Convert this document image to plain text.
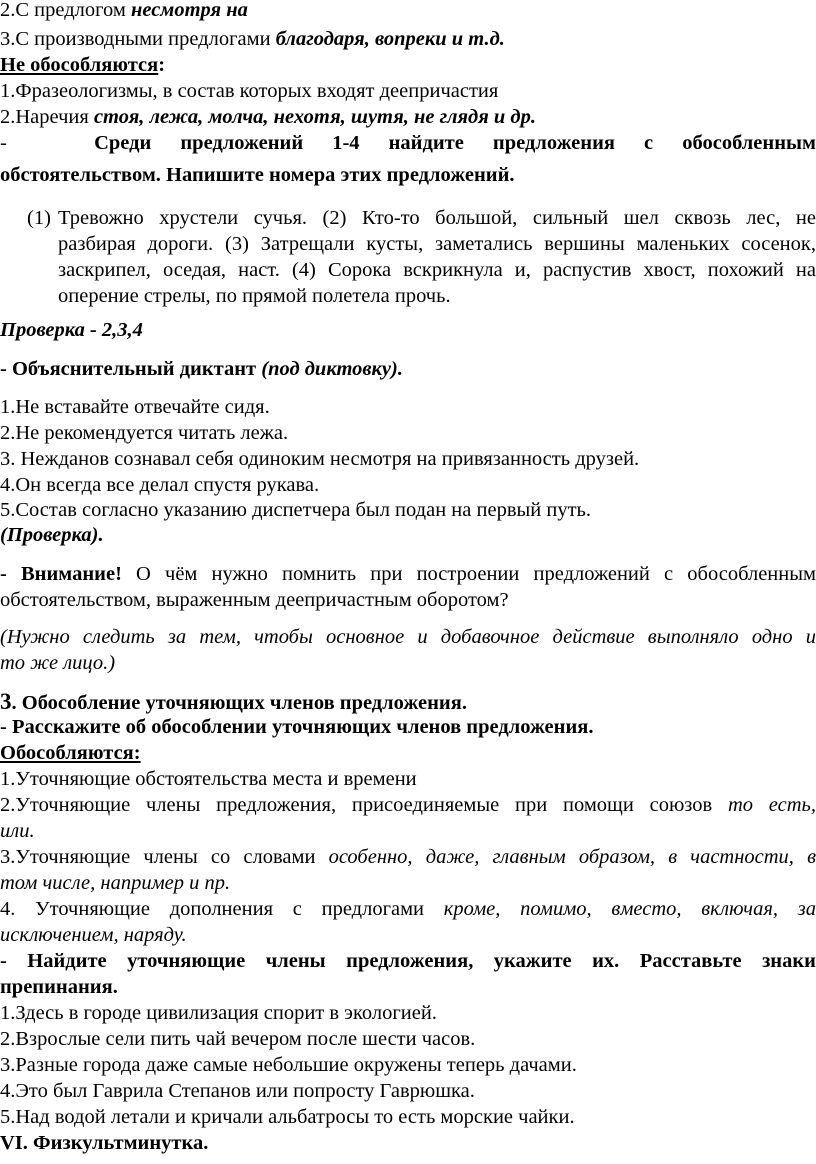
2.С предлогом несмотря на
3.С производными предлогами благодаря, вопреки и т.д.
Не обособляются:
1.Фразеологизмы, в состав которых входят деепричастия
2.Наречия стоя, лежа, молча, нехотя, шутя, не глядя и др.
-	Среди предложений 1-4 найдите предложения с обособленным
обстоятельством. Напишите номера этих предложений.
(1) Тревожно хрустели сучья. (2) Кто-то большой, сильный шел сквозь лес, не
разбирая дороги. (3) Затрещали кусты, заметались вершины маленьких сосенок,
заскрипел, оседая, наст. (4) Сорока вскрикнула и, распустив хвост, похожий на
оперение стрелы, по прямой полетела прочь.
Проверка - 2,3,4
- Объяснительный диктант (под диктовку).
1.Не вставайте отвечайте сидя.
2.Не рекомендуется читать лежа.
3. Нежданов сознавал себя одиноким несмотря на привязанность друзей.
4.Он всегда все делал спустя рукава.
5.Состав согласно указанию диспетчера был подан на первый путь.
(Проверка).
- Внимание! О чём нужно помнить при построении предложений с обособленным
обстоятельством, выраженным деепричастным оборотом?
(Нужно следить за тем, чтобы основное и добавочное действие выполняло одно и
то же лицо.)
3. Обособление уточняющих членов предложения.
- Расскажите об обособлении уточняющих членов предложения.
Обособляются:
1.Уточняющие обстоятельства места и времени
2.Уточняющие члены предложения, присоединяемые при помощи союзов то есть,
или.
3.Уточняющие члены со словами особенно, даже, главным образом, в частности, в
том числе, например и пр.
4. Уточняющие дополнения с предлогами кроме, помимо, вместо, включая, за
исключением, наряду.
- Найдите уточняющие члены предложения, укажите их. Расставьте знаки
препинания.
1.Здесь в городе цивилизация спорит в экологией.
2.Взрослые сели пить чай вечером после шести часов.
3.Разные города даже самые небольшие окружены теперь дачами.
4.Это был Гаврила Степанов или попросту Гаврюшка.
5.Над водой летали и кричали альбатросы то есть морские чайки.
VI. Физкультминутка.
